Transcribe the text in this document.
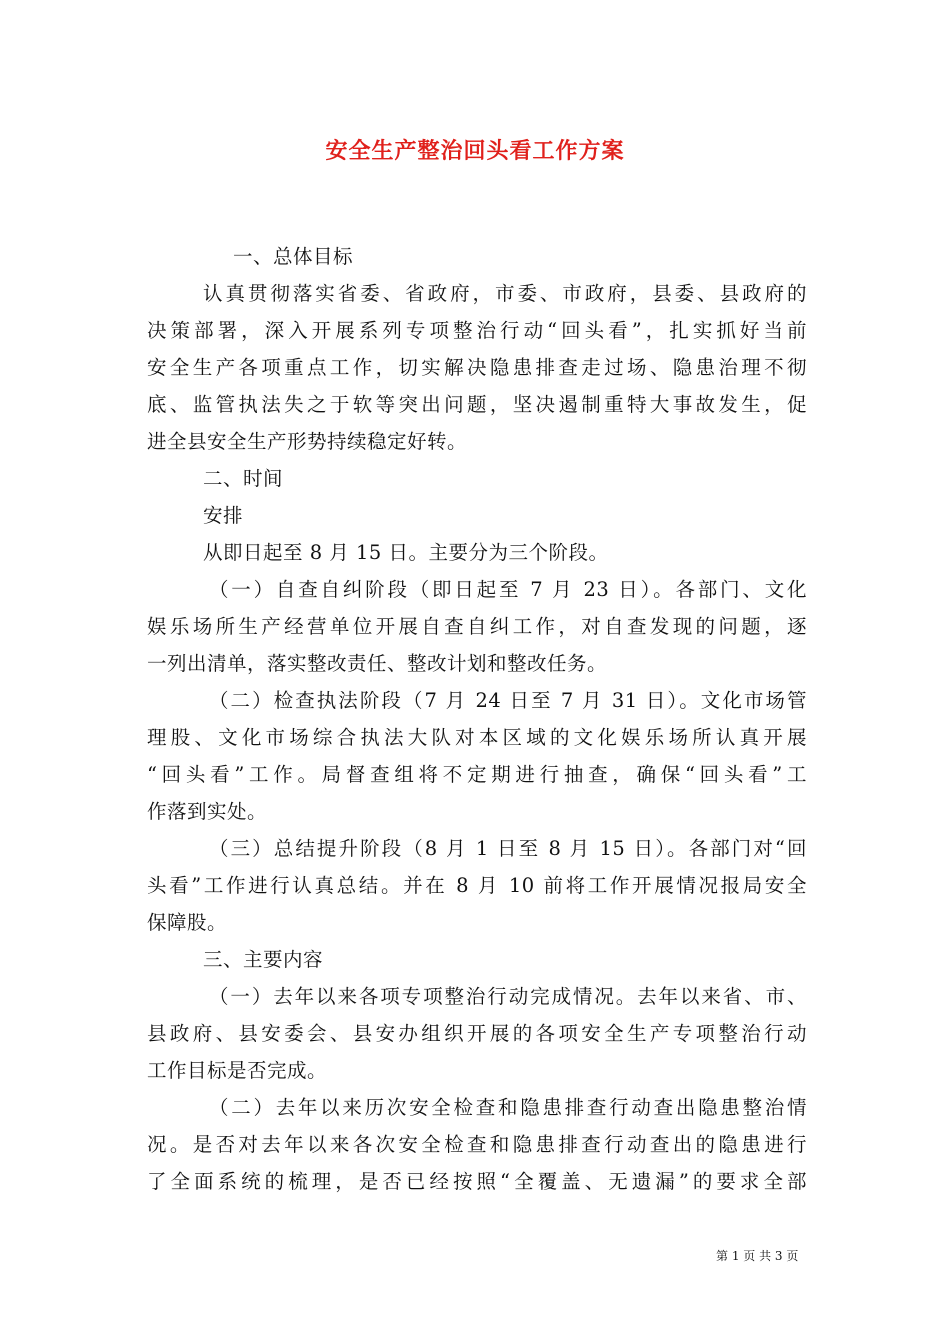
安全生产整治回头看工作方案
一、总体目标
认真贯彻落实省委、省政府，市委、市政府，县委、县政府的
决策部署，深入开展系列专项整治行动“回头看”，扎实抓好当前
安全生产各项重点工作，切实解决隐患排查走过场、隐患治理不彻
底、监管执法失之于软等突出问题，坚决遏制重特大事故发生，促
进全县安全生产形势持续稳定好转。
二、时间
安排
从即日起至 8 月 15 日。主要分为三个阶段。
（一）自查自纠阶段（即日起至 7 月 23 日）。各部门、文化
娱乐场所生产经营单位开展自查自纠工作，对自查发现的问题，逐
一列出清单，落实整改责任、整改计划和整改任务。
（二）检查执法阶段（7 月 24 日至 7 月 31 日）。文化市场管
理股、文化市场综合执法大队对本区域的文化娱乐场所认真开展
“回头看”工作。局督查组将不定期进行抽查，确保“回头看”工
作落到实处。
（三）总结提升阶段（8 月 1 日至 8 月 15 日）。各部门对“回
头看”工作进行认真总结。并在 8 月 10 前将工作开展情况报局安全
保障股。
三、主要内容
（一）去年以来各项专项整治行动完成情况。去年以来省、市、
县政府、县安委会、县安办组织开展的各项安全生产专项整治行动
工作目标是否完成。
（二）去年以来历次安全检查和隐患排查行动查出隐患整治情
况。是否对去年以来各次安全检查和隐患排查行动查出的隐患进行
了全面系统的梳理，是否已经按照“全覆盖、无遗漏”的要求全部
第 1 页 共 3 页
